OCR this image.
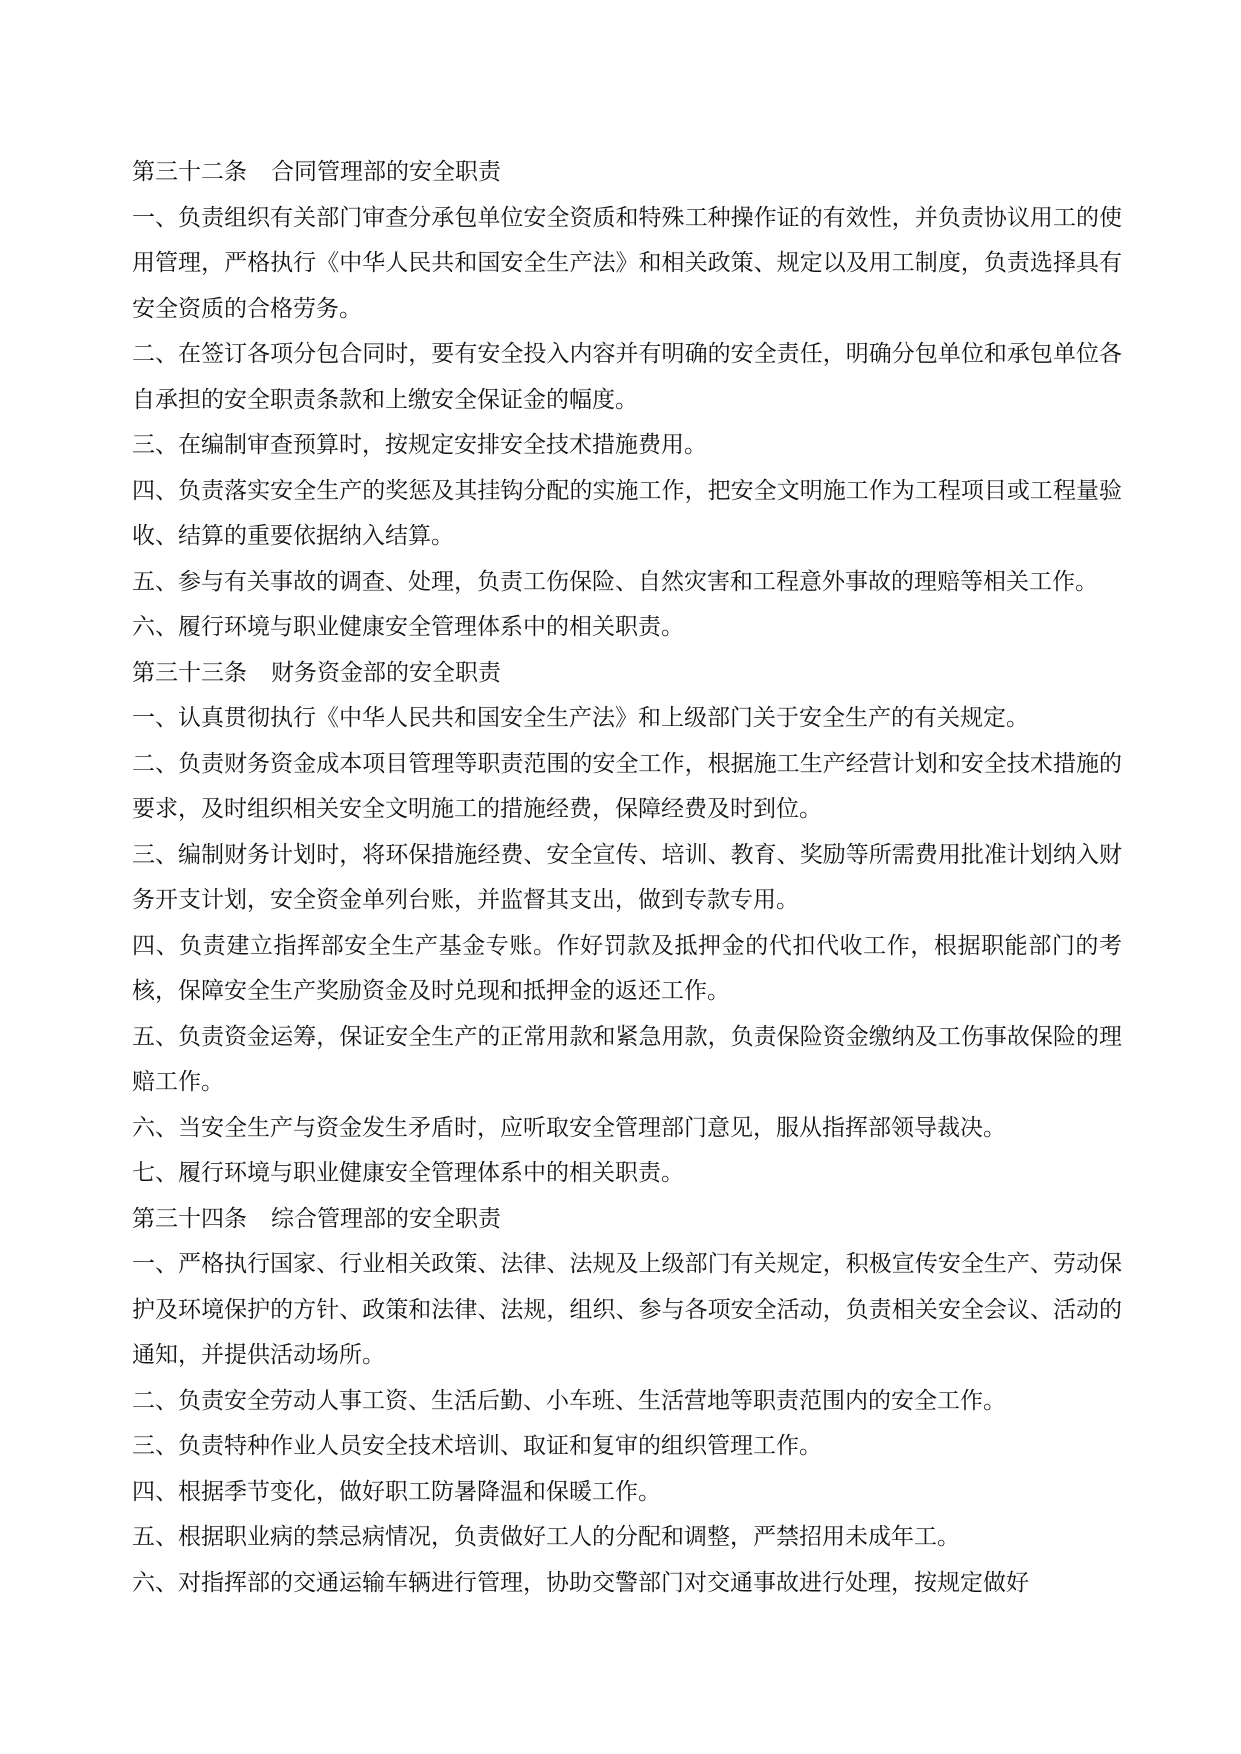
第三十二条 合同管理部的安全职责

一、负责组织有关部门审查分承包单位安全资质和特殊工种操作证的有效性，并负责协议用工的使用管理，严格执行《中华人民共和国安全生产法》和相关政策、规定以及用工制度，负责选择具有安全资质的合格劳务。

二、在签订各项分包合同时，要有安全投入内容并有明确的安全责任，明确分包单位和承包单位各自承担的安全职责条款和上缴安全保证金的幅度。

三、在编制审查预算时，按规定安排安全技术措施费用。

四、负责落实安全生产的奖惩及其挂钩分配的实施工作，把安全文明施工作为工程项目或工程量验收、结算的重要依据纳入结算。

五、参与有关事故的调查、处理，负责工伤保险、自然灾害和工程意外事故的理赔等相关工作。

六、履行环境与职业健康安全管理体系中的相关职责。

第三十三条 财务资金部的安全职责

一、认真贯彻执行《中华人民共和国安全生产法》和上级部门关于安全生产的有关规定。

二、负责财务资金成本项目管理等职责范围的安全工作，根据施工生产经营计划和安全技术措施的要求，及时组织相关安全文明施工的措施经费，保障经费及时到位。

三、编制财务计划时，将环保措施经费、安全宣传、培训、教育、奖励等所需费用批准计划纳入财务开支计划，安全资金单列台账，并监督其支出，做到专款专用。

四、负责建立指挥部安全生产基金专账。作好罚款及抵押金的代扣代收工作，根据职能部门的考核，保障安全生产奖励资金及时兑现和抵押金的返还工作。

五、负责资金运筹，保证安全生产的正常用款和紧急用款，负责保险资金缴纳及工伤事故保险的理赔工作。

六、当安全生产与资金发生矛盾时，应听取安全管理部门意见，服从指挥部领导裁决。

七、履行环境与职业健康安全管理体系中的相关职责。

第三十四条 综合管理部的安全职责

一、严格执行国家、行业相关政策、法律、法规及上级部门有关规定，积极宣传安全生产、劳动保护及环境保护的方针、政策和法律、法规，组织、参与各项安全活动，负责相关安全会议、活动的通知，并提供活动场所。

二、负责安全劳动人事工资、生活后勤、小车班、生活营地等职责范围内的安全工作。

三、负责特种作业人员安全技术培训、取证和复审的组织管理工作。

四、根据季节变化，做好职工防暑降温和保暖工作。

五、根据职业病的禁忌病情况，负责做好工人的分配和调整，严禁招用未成年工。

六、对指挥部的交通运输车辆进行管理，协助交警部门对交通事故进行处理，按规定做好
